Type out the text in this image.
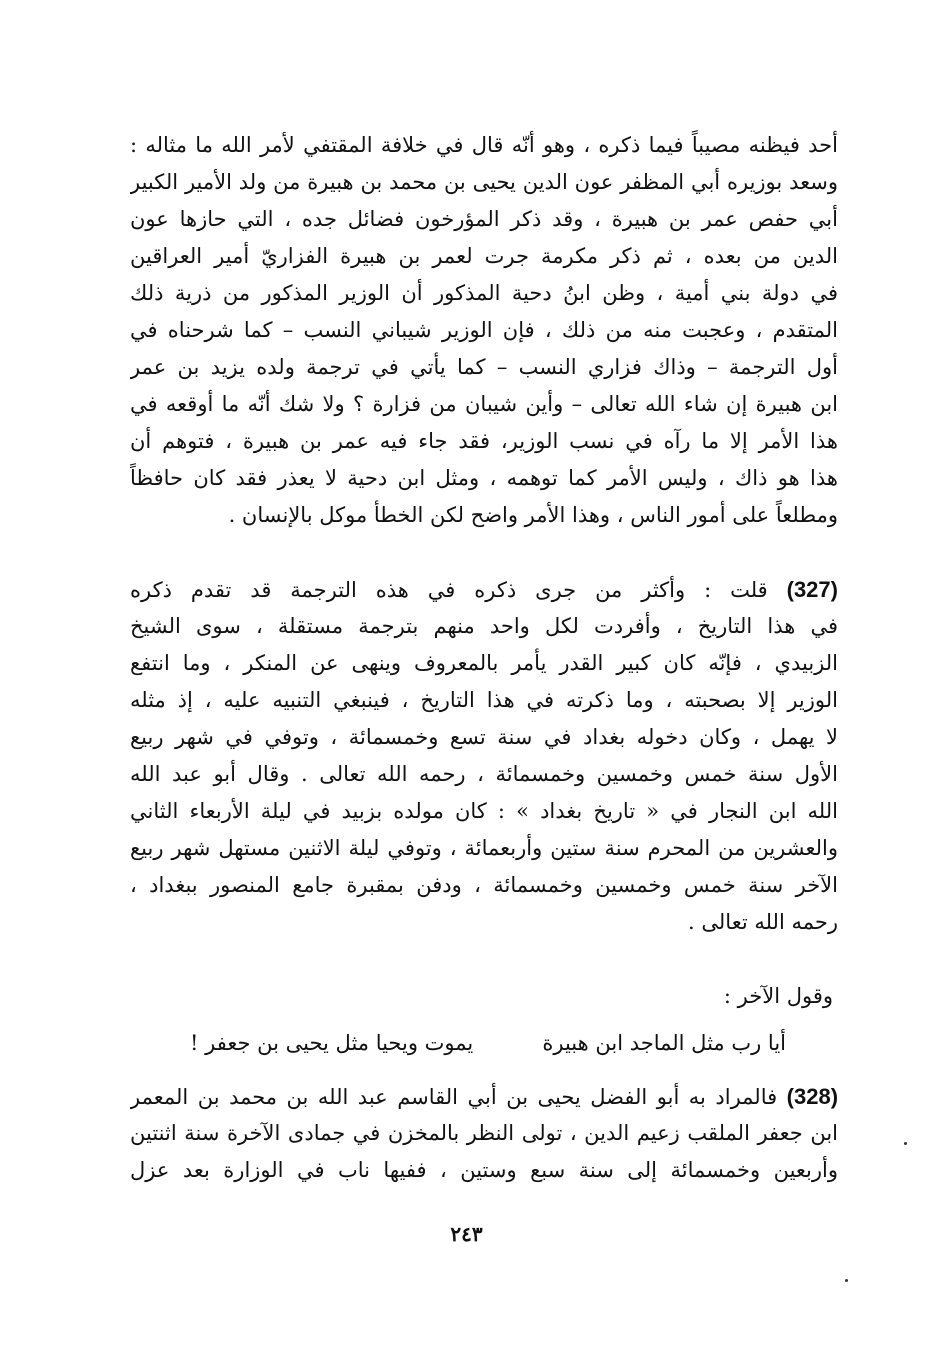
أحد فيظنه مصيباً فيما ذكره ، وهو أنّه قال في خلافة المقتفي لأمر الله ما مثاله :
وسعد بوزيره أبي المظفر عون الدين يحيى بن محمد بن هبيرة من ولد الأمير الكبير
أبي حفص عمر بن هبيرة ، وقد ذكر المؤرخون فضائل جده ، التي حازها عون
الدين من بعده ، ثم ذكر مكرمة جرت لعمر بن هبيرة الفزاريّ أمير العراقين
في دولة بني أمية ، وظن ابنُ دحية المذكور أن الوزير المذكور من ذرية ذلك
المتقدم ، وعجبت منه من ذلك ، فإن الوزير شيباني النسب – كما شرحناه في
أول الترجمة – وذاك فزاري النسب – كما يأتي في ترجمة ولده يزيد بن عمر
ابن هبيرة إن شاء الله تعالى – وأين شيبان من فزارة ؟ ولا شك أنّه ما أوقعه في
هذا الأمر إلا ما رآه في نسب الوزير، فقد جاء فيه عمر بن هبيرة ، فتوهم أن
هذا هو ذاك ، وليس الأمر كما توهمه ، ومثل ابن دحية لا يعذر فقد كان حافظاً
ومطلعاً على أمور الناس ، وهذا الأمر واضح لكن الخطأ موكل بالإنسان .
(327) قلت : وأكثر من جرى ذكره في هذه الترجمة قد تقدم ذكره
في هذا التاريخ ، وأفردت لكل واحد منهم بترجمة مستقلة ، سوى الشيخ
الزبيدي ، فإنّه كان كبير القدر يأمر بالمعروف وينهى عن المنكر ، وما انتفع
الوزير إلا بصحبته ، وما ذكرته في هذا التاريخ ، فينبغي التنبيه عليه ، إذ مثله
لا يهمل ، وكان دخوله بغداد في سنة تسع وخمسمائة ، وتوفي في شهر ربيع
الأول سنة خمس وخمسين وخمسمائة ، رحمه الله تعالى . وقال أبو عبد الله
الله ابن النجار في « تاريخ بغداد » : كان مولده بزبيد في ليلة الأربعاء الثاني
والعشرين من المحرم سنة ستين وأربعمائة ، وتوفي ليلة الاثنين مستهل شهر ربيع
الآخر سنة خمس وخمسين وخمسمائة ، ودفن بمقبرة جامع المنصور ببغداد ،
رحمه الله تعالى .
وقول الآخر :
أيا رب مثل الماجد ابن هبيرة
يموت ويحيا مثل يحيى بن جعفر !
(328) فالمراد به أبو الفضل يحيى بن أبي القاسم عبد الله بن محمد بن المعمر
ابن جعفر الملقب زعيم الدين ، تولى النظر بالمخزن في جمادى الآخرة سنة اثنتين
وأربعين وخمسمائة إلى سنة سبع وستين ، ففيها ناب في الوزارة بعد عزل
٢٤٣
